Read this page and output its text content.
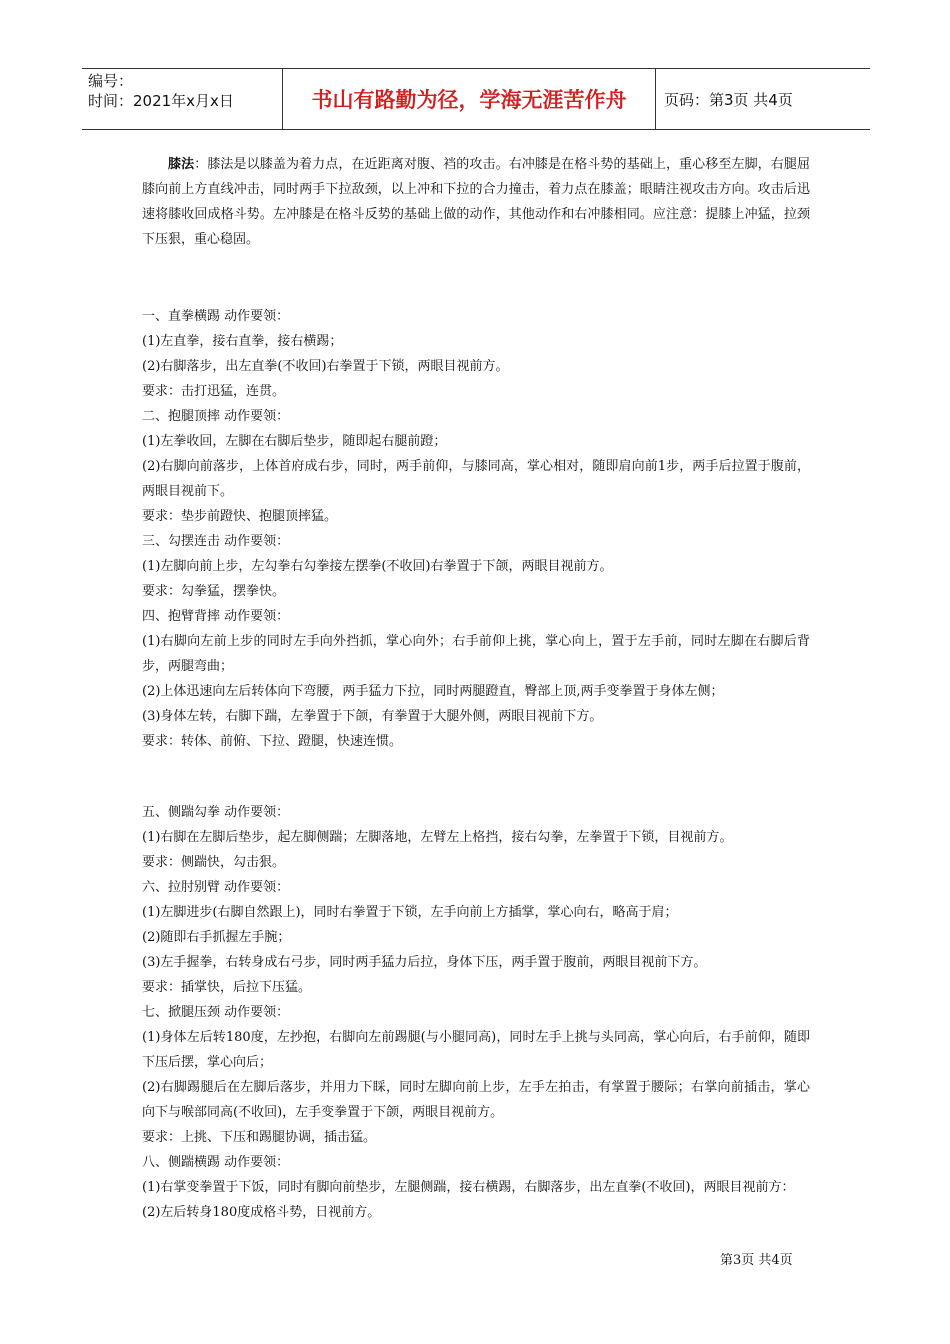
编号：
时间：2021年x月x日	书山有路勤为径，学海无涯苦作舟	页码：第3页 共4页

膝法：膝法是以膝盖为着力点，在近距离对腹、裆的攻击。右冲膝是在格斗势的基础上，重心移至左脚，右腿屈膝向前上方直线冲击，同时两手下拉敌颈，以上冲和下拉的合力撞击，着力点在膝盖；眼睛注视攻击方向。攻击后迅速将膝收回成格斗势。左冲膝是在格斗反势的基础上做的动作，其他动作和右冲膝相同。应注意：提膝上冲猛，拉颈下压狠，重心稳固。

一、直拳横踢 动作要领：

(1)左直拳，接右直拳，接右横踢；

(2)右脚落步，出左直拳(不收回)右拳置于下锁，两眼目视前方。

要求：击打迅猛，连贯。

二、抱腿顶摔 动作要领：

(1)左拳收回，左脚在右脚后垫步，随即起右腿前蹬；

(2)右脚向前落步，上体首府成右步，同时，两手前仰，与膝同高，掌心相对，随即肩向前1步，两手后拉置于腹前，两眼目视前下。

要求：垫步前蹬快、抱腿顶摔猛。

三、勾摆连击 动作要领：

(1)左脚向前上步，左勾拳右勾拳接左摆拳(不收回)右拳置于下颌，两眼目视前方。

要求：勾拳猛，摆拳快。

四、抱臂背摔 动作要领：

(1)右脚向左前上步的同时左手向外挡抓，掌心向外；右手前仰上挑，掌心向上，置于左手前，同时左脚在右脚后背步，两腿弯曲；

(2)上体迅速向左后转体向下弯腰，两手猛力下拉，同时两腿蹬直，臀部上顶,两手变拳置于身体左侧；

(3)身体左转，右脚下踹，左拳置于下颌，有拳置于大腿外侧，两眼目视前下方。

要求：转体、前俯、下拉、蹬腿，快速连惯。

五、侧踹勾拳 动作要领：

(1)右脚在左脚后垫步，起左脚侧踹；左脚落地，左臂左上格挡，接右勾拳，左拳置于下锁，目视前方。

要求：侧踹快，勾击狠。

六、拉肘别臂 动作要领：

(1)左脚进步(右脚自然跟上)，同时右拳置于下锁，左手向前上方插掌，掌心向右，略高于肩；

(2)随即右手抓握左手腕；

(3)左手握拳，右转身成右弓步，同时两手猛力后拉，身体下压，两手置于腹前，两眼目视前下方。

要求：插掌快，后拉下压猛。

七、掀腿压颈 动作要领：

(1)身体左后转180度，左抄抱，右脚向左前踢腿(与小腿同高)，同时左手上挑与头同高，掌心向后，右手前仰，随即下压后摆，掌心向后；

(2)右脚踢腿后在左脚后落步，并用力下睬，同时左脚向前上步，左手左拍击，有掌置于腰际；右掌向前插击，掌心向下与喉部同高(不收回)，左手变拳置于下颌，两眼目视前方。

要求：上挑、下压和踢腿协调，插击猛。

八、侧踹横踢 动作要领：

(1)右掌变拳置于下饭，同时有脚向前垫步，左腿侧踹，接右横踢，右脚落步，出左直拳(不收回)，两眼目视前方：

(2)左后转身180度成格斗势，日视前方。

第3页 共4页
